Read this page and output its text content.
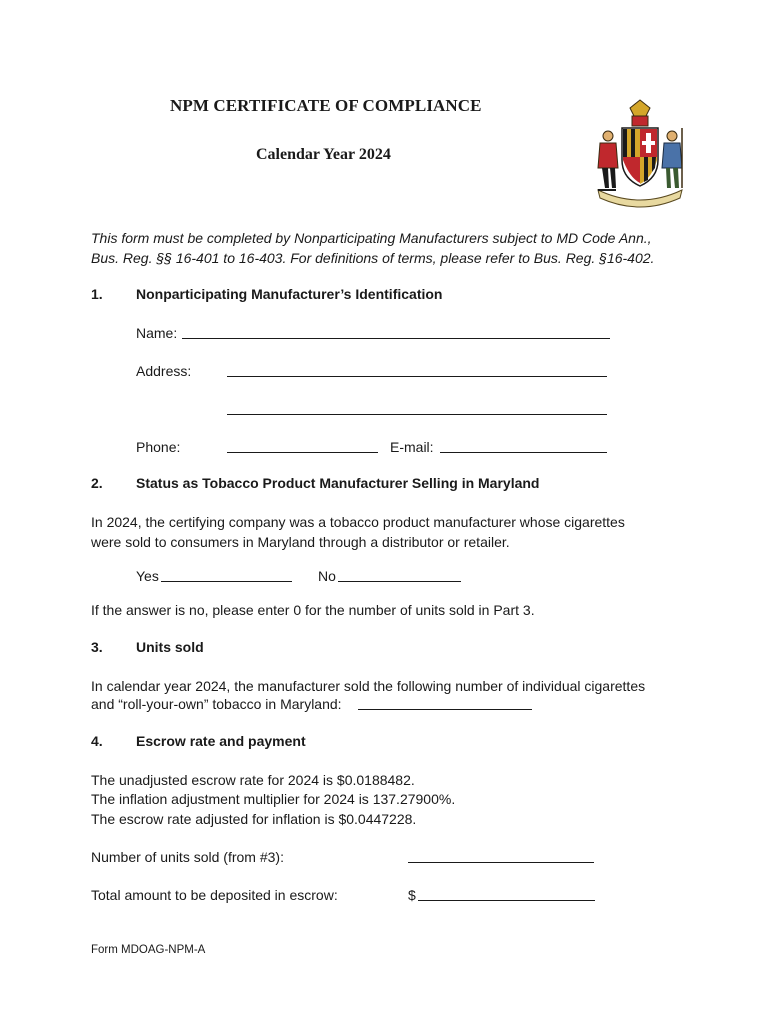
NPM CERTIFICATE OF COMPLIANCE
Calendar Year 2024
This form must be completed by Nonparticipating Manufacturers subject to MD Code Ann.,
Bus. Reg. §§ 16-401 to 16-403. For definitions of terms, please refer to Bus. Reg. §16-402.
1. Nonparticipating Manufacturer’s Identification
Name:
Address:
Phone:	E-mail:
2. Status as Tobacco Product Manufacturer Selling in Maryland
In 2024, the certifying company was a tobacco product manufacturer whose cigarettes
were sold to consumers in Maryland through a distributor or retailer.
Yes	No
If the answer is no, please enter 0 for the number of units sold in Part 3.
3. Units sold
In calendar year 2024, the manufacturer sold the following number of individual cigarettes
and “roll-your-own” tobacco in Maryland:
4. Escrow rate and payment
The unadjusted escrow rate for 2024 is $0.0188482.
The inflation adjustment multiplier for 2024 is 137.27900%.
The escrow rate adjusted for inflation is $0.0447228.
Number of units sold (from #3):
Total amount to be deposited in escrow:	$
Form MDOAG-NPM-A
